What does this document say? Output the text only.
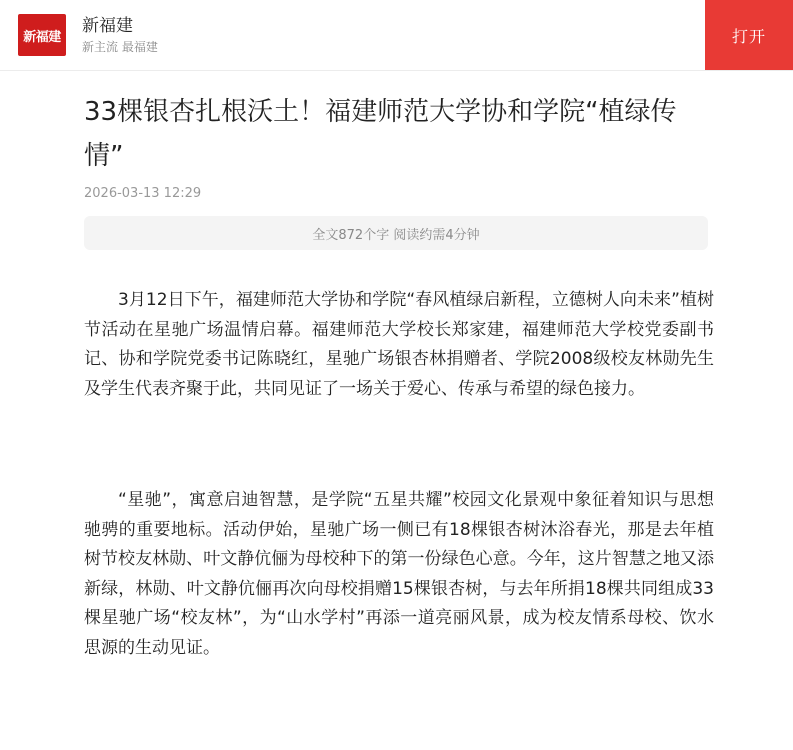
新福建
新福建
新主流 最福建
打开
33棵银杏扎根沃土！福建师范大学协和学院“植绿传情”
2026-03-13 12:29
全文872个字 阅读约需4分钟

3月12日下午，福建师范大学协和学院“春风植绿启新程，立德树人向未来”植树节活动在星驰广场温情启幕。福建师范大学校长郑家建，福建师范大学校党委副书记、协和学院党委书记陈晓红，星驰广场银杏林捐赠者、学院2008级校友林勋先生及学生代表齐聚于此，共同见证了一场关于爱心、传承与希望的绿色接力。

“星驰”，寓意启迪智慧，是学院“五星共耀”校园文化景观中象征着知识与思想驰骋的重要地标。活动伊始，星驰广场一侧已有18棵银杏树沐浴春光，那是去年植树节校友林勋、叶文静伉俪为母校种下的第一份绿色心意。今年，这片智慧之地又添新绿，林勋、叶文静伉俪再次向母校捐赠15棵银杏树，与去年所捐18棵共同组成33棵星驰广场“校友林”，为“山水学村”再添一道亮丽风景，成为校友情系母校、饮水思源的生动见证。
